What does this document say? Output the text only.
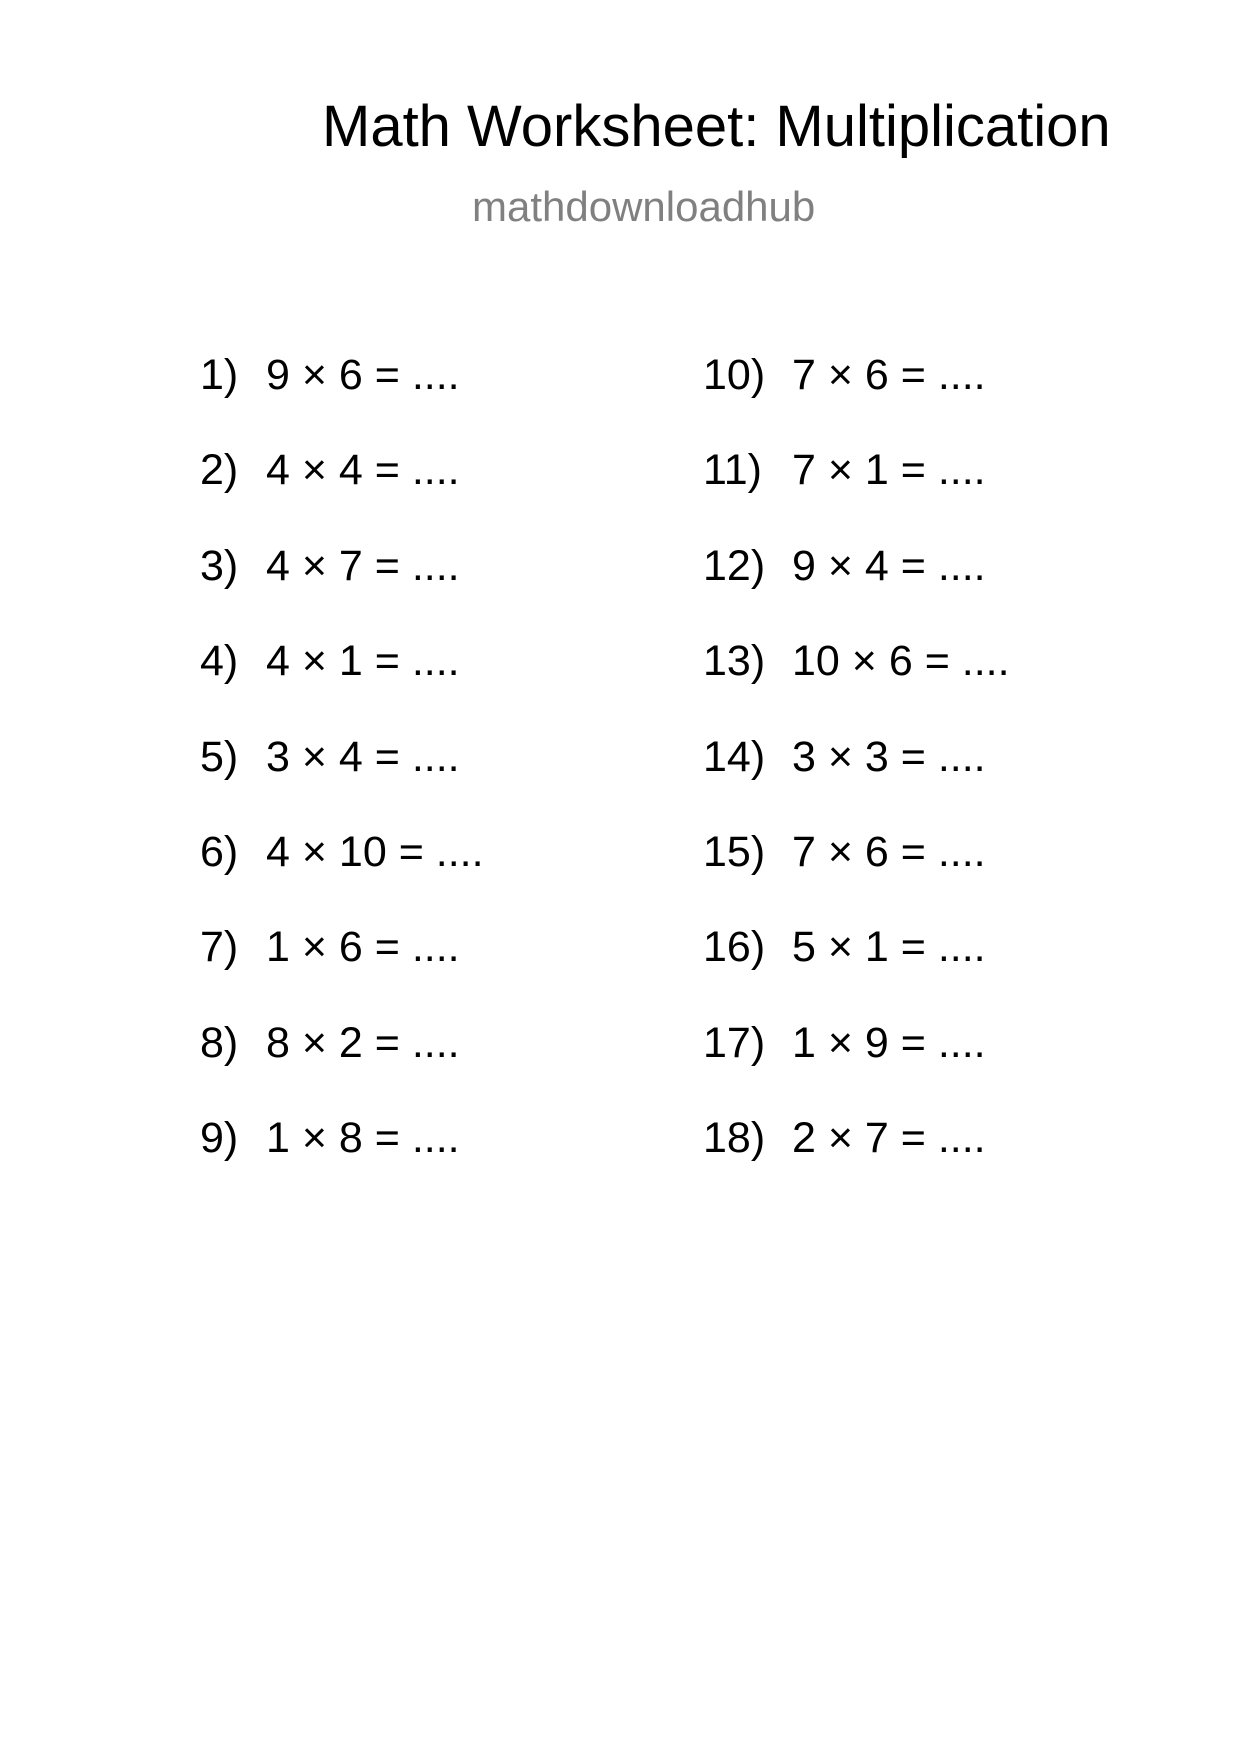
Math Worksheet: Multiplication
mathdownloadhub
1) 9 × 6 = ....
2) 4 × 4 = ....
3) 4 × 7 = ....
4) 4 × 1 = ....
5) 3 × 4 = ....
6) 4 × 10 = ....
7) 1 × 6 = ....
8) 8 × 2 = ....
9) 1 × 8 = ....
10) 7 × 6 = ....
11) 7 × 1 = ....
12) 9 × 4 = ....
13) 10 × 6 = ....
14) 3 × 3 = ....
15) 7 × 6 = ....
16) 5 × 1 = ....
17) 1 × 9 = ....
18) 2 × 7 = ....
